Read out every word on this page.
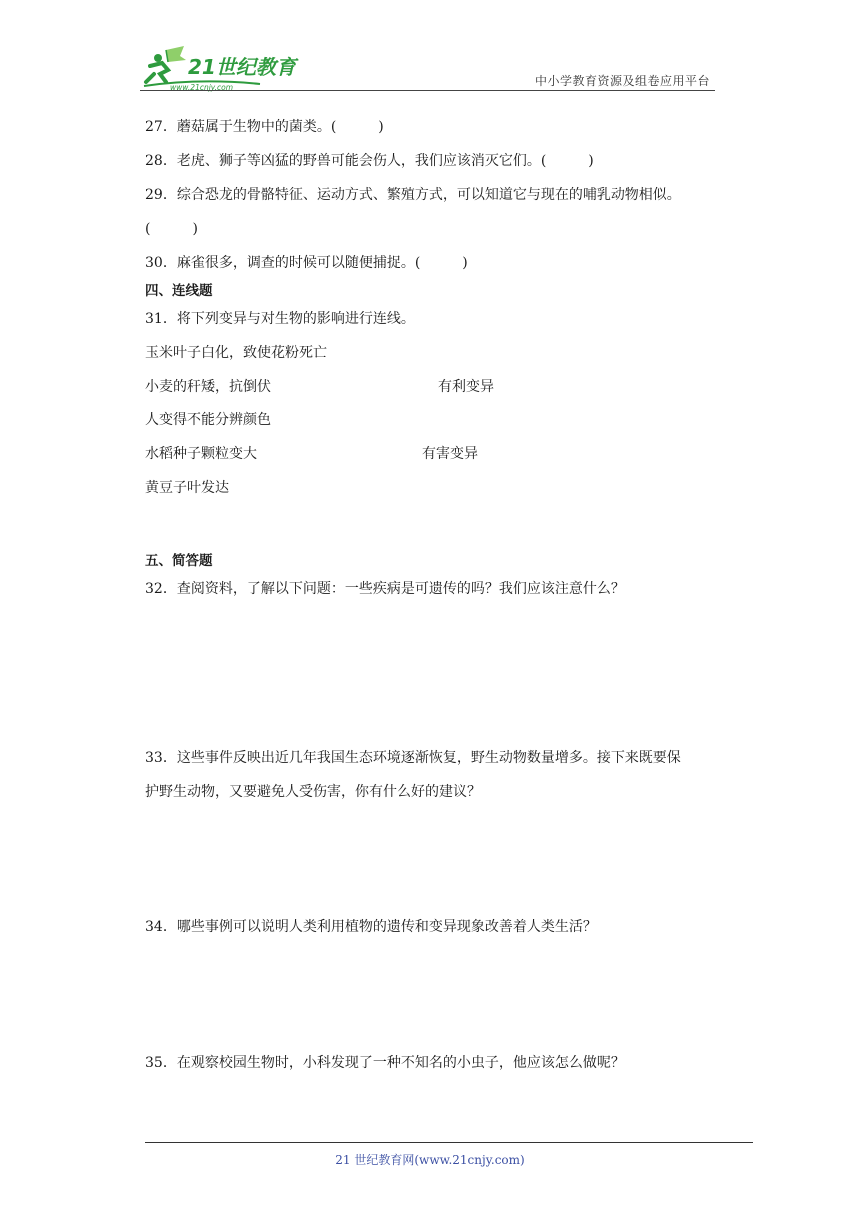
21世纪教育
www.21cnjy.com	中小学教育资源及组卷应用平台
27．蘑菇属于生物中的菌类。(　　　)
28．老虎、狮子等凶猛的野兽可能会伤人，我们应该消灭它们。(　　　)
29．综合恐龙的骨骼特征、运动方式、繁殖方式，可以知道它与现在的哺乳动物相似。
(　　　)
30．麻雀很多，调查的时候可以随便捕捉。(　　　)
四、连线题
31．将下列变异与对生物的影响进行连线。
玉米叶子白化，致使花粉死亡
小麦的秆矮，抗倒伏
人变得不能分辨颜色
水稻种子颗粒变大
黄豆子叶发达
有利变异
有害变异
五、简答题
32．查阅资料，了解以下问题：一些疾病是可遗传的吗？我们应该注意什么？
33．这些事件反映出近几年我国生态环境逐渐恢复，野生动物数量增多。接下来既要保
护野生动物，又要避免人受伤害，你有什么好的建议？
34．哪些事例可以说明人类利用植物的遗传和变异现象改善着人类生活？
35．在观察校园生物时，小科发现了一种不知名的小虫子，他应该怎么做呢？
21 世纪教育网(www.21cnjy.com)
